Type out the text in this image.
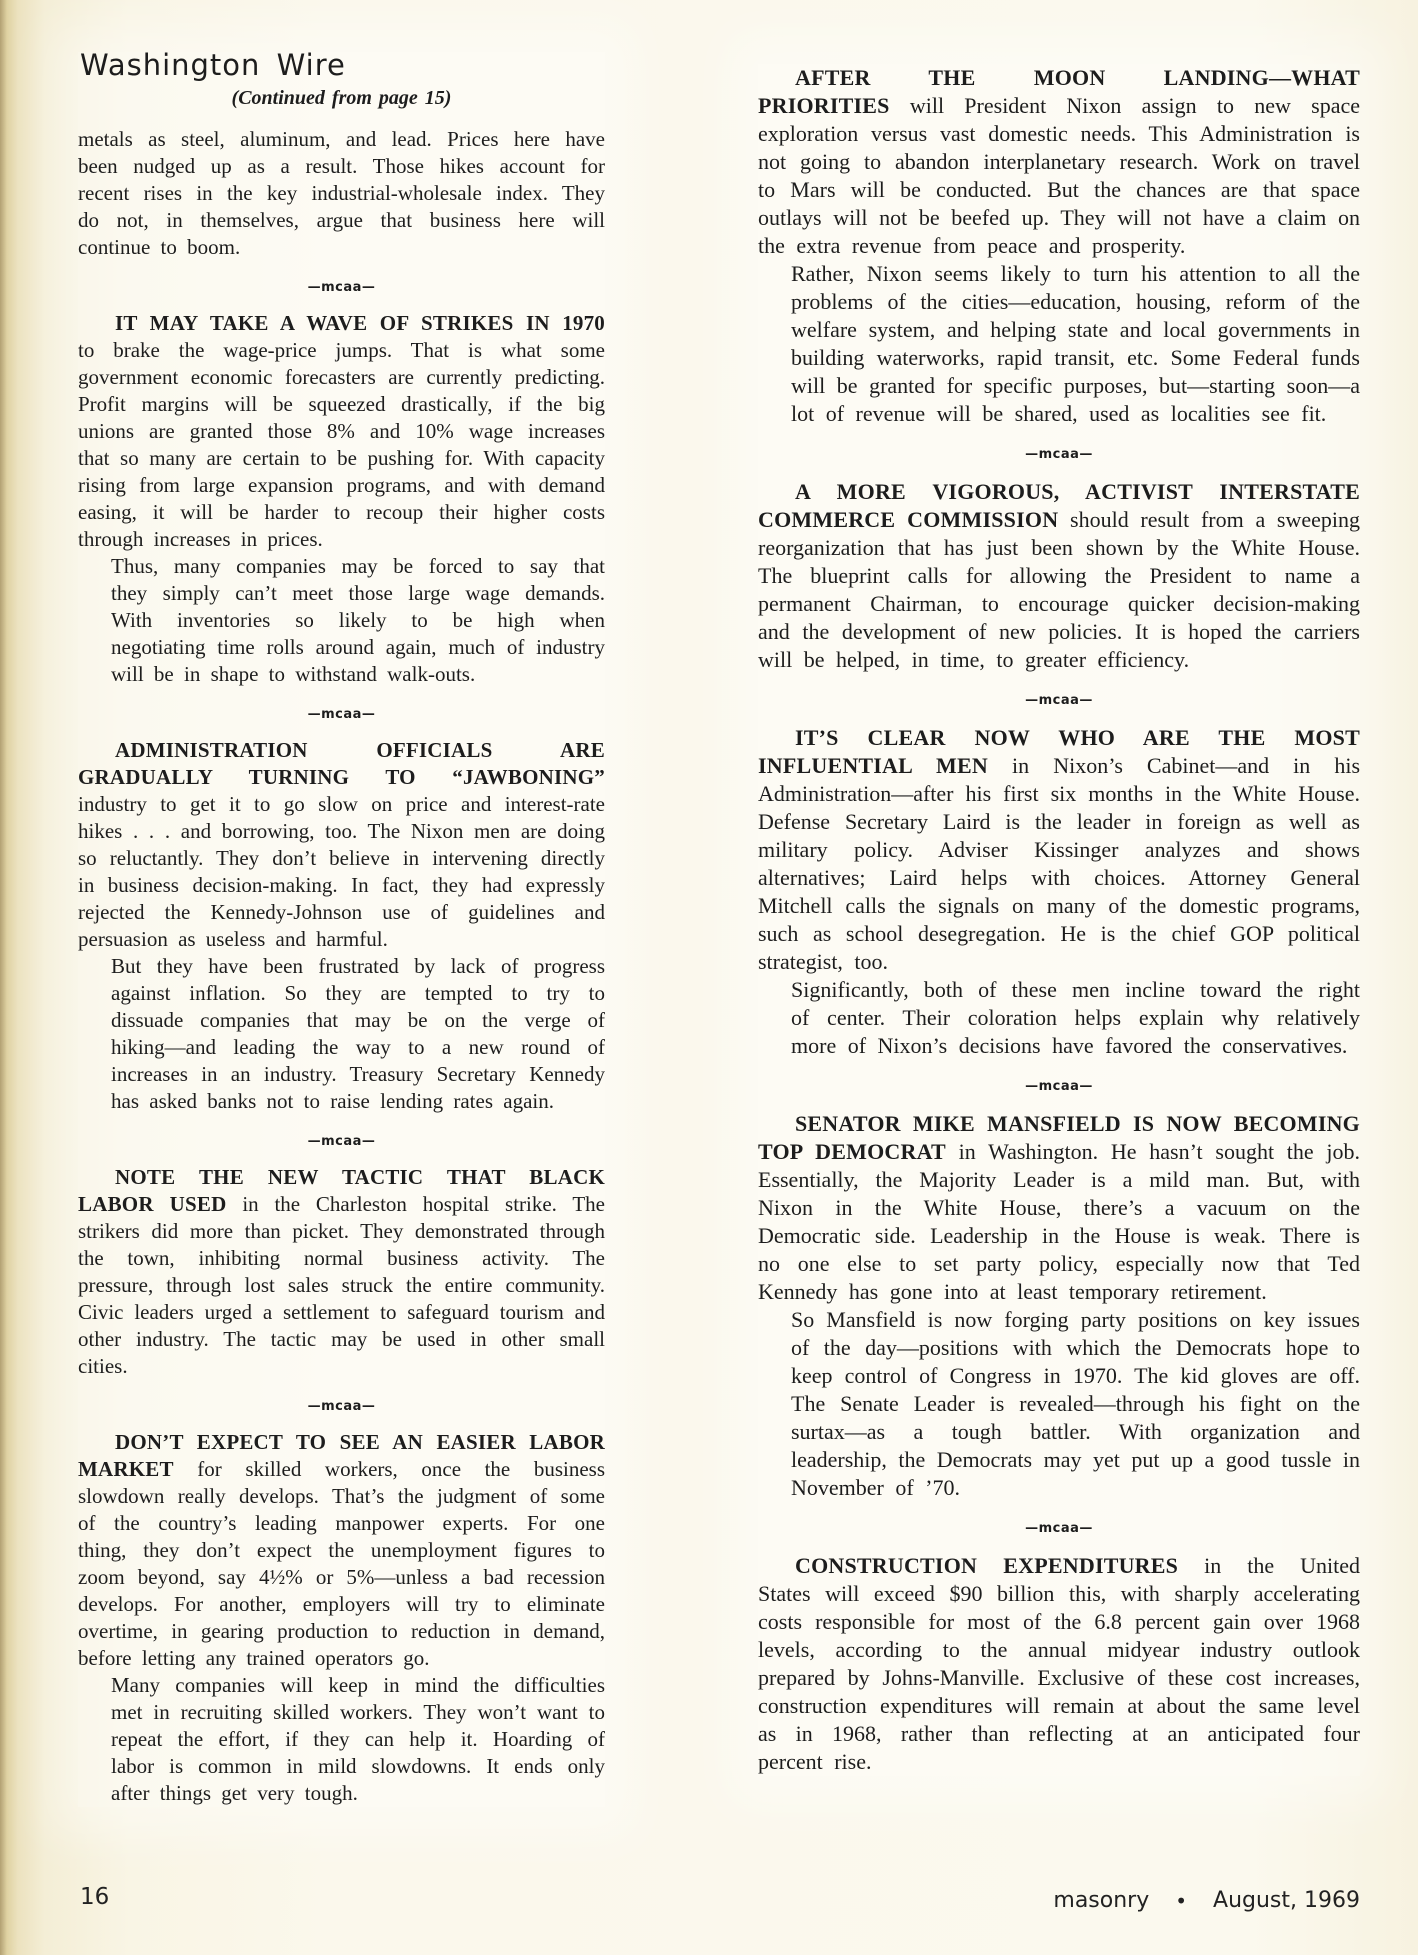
Washington Wire

(Continued from page 15)

metals as steel, aluminum, and lead. Prices here have been nudged up as a result. Those hikes account for recent rises in the key industrial-wholesale index. They do not, in themselves, argue that business here will continue to boom.

—mcaa—

IT MAY TAKE A WAVE OF STRIKES IN 1970 to brake the wage-price jumps. That is what some government economic forecasters are currently predicting. Profit margins will be squeezed drastically, if the big unions are granted those 8% and 10% wage increases that so many are certain to be pushing for. With capacity rising from large expansion programs, and with demand easing, it will be harder to recoup their higher costs through increases in prices.

Thus, many companies may be forced to say that they simply can’t meet those large wage demands. With inventories so likely to be high when negotiating time rolls around again, much of industry will be in shape to withstand walk-outs.

—mcaa—

ADMINISTRATION OFFICIALS ARE GRADUALLY TURNING TO “JAWBONING” industry to get it to go slow on price and interest-rate hikes . . . and borrowing, too. The Nixon men are doing so reluctantly. They don’t believe in intervening directly in business decision-making. In fact, they had expressly rejected the Kennedy-Johnson use of guidelines and persuasion as useless and harmful.

But they have been frustrated by lack of progress against inflation. So they are tempted to try to dissuade companies that may be on the verge of hiking—and leading the way to a new round of increases in an industry. Treasury Secretary Kennedy has asked banks not to raise lending rates again.

—mcaa—

NOTE THE NEW TACTIC THAT BLACK LABOR USED in the Charleston hospital strike. The strikers did more than picket. They demonstrated through the town, inhibiting normal business activity. The pressure, through lost sales struck the entire community. Civic leaders urged a settlement to safeguard tourism and other industry. The tactic may be used in other small cities.

—mcaa—

DON’T EXPECT TO SEE AN EASIER LABOR MARKET for skilled workers, once the business slowdown really develops. That’s the judgment of some of the country’s leading manpower experts. For one thing, they don’t expect the unemployment figures to zoom beyond, say 4½% or 5%—unless a bad recession develops. For another, employers will try to eliminate overtime, in gearing production to reduction in demand, before letting any trained operators go.

Many companies will keep in mind the difficulties met in recruiting skilled workers. They won’t want to repeat the effort, if they can help it. Hoarding of labor is common in mild slowdowns. It ends only after things get very tough.

AFTER THE MOON LANDING—WHAT PRIORITIES will President Nixon assign to new space exploration versus vast domestic needs. This Administration is not going to abandon interplanetary research. Work on travel to Mars will be conducted. But the chances are that space outlays will not be beefed up. They will not have a claim on the extra revenue from peace and prosperity.

Rather, Nixon seems likely to turn his attention to all the problems of the cities—education, housing, reform of the welfare system, and helping state and local governments in building waterworks, rapid transit, etc. Some Federal funds will be granted for specific purposes, but—starting soon—a lot of revenue will be shared, used as localities see fit.

—mcaa—

A MORE VIGOROUS, ACTIVIST INTERSTATE COMMERCE COMMISSION should result from a sweeping reorganization that has just been shown by the White House. The blueprint calls for allowing the President to name a permanent Chairman, to encourage quicker decision-making and the development of new policies. It is hoped the carriers will be helped, in time, to greater efficiency.

—mcaa—

IT’S CLEAR NOW WHO ARE THE MOST INFLUENTIAL MEN in Nixon’s Cabinet—and in his Administration—after his first six months in the White House. Defense Secretary Laird is the leader in foreign as well as military policy. Adviser Kissinger analyzes and shows alternatives; Laird helps with choices. Attorney General Mitchell calls the signals on many of the domestic programs, such as school desegregation. He is the chief GOP political strategist, too.

Significantly, both of these men incline toward the right of center. Their coloration helps explain why relatively more of Nixon’s decisions have favored the conservatives.

—mcaa—

SENATOR MIKE MANSFIELD IS NOW BECOMING TOP DEMOCRAT in Washington. He hasn’t sought the job. Essentially, the Majority Leader is a mild man. But, with Nixon in the White House, there’s a vacuum on the Democratic side. Leadership in the House is weak. There is no one else to set party policy, especially now that Ted Kennedy has gone into at least temporary retirement.

So Mansfield is now forging party positions on key issues of the day—positions with which the Democrats hope to keep control of Congress in 1970. The kid gloves are off. The Senate Leader is revealed—through his fight on the surtax—as a tough battler. With organization and leadership, the Democrats may yet put up a good tussle in November of ’70.

—mcaa—

CONSTRUCTION EXPENDITURES in the United States will exceed $90 billion this, with sharply accelerating costs responsible for most of the 6.8 percent gain over 1968 levels, according to the annual midyear industry outlook prepared by Johns-Manville. Exclusive of these cost increases, construction expenditures will remain at about the same level as in 1968, rather than reflecting at an anticipated four percent rise.

16	masonry • August, 1969
